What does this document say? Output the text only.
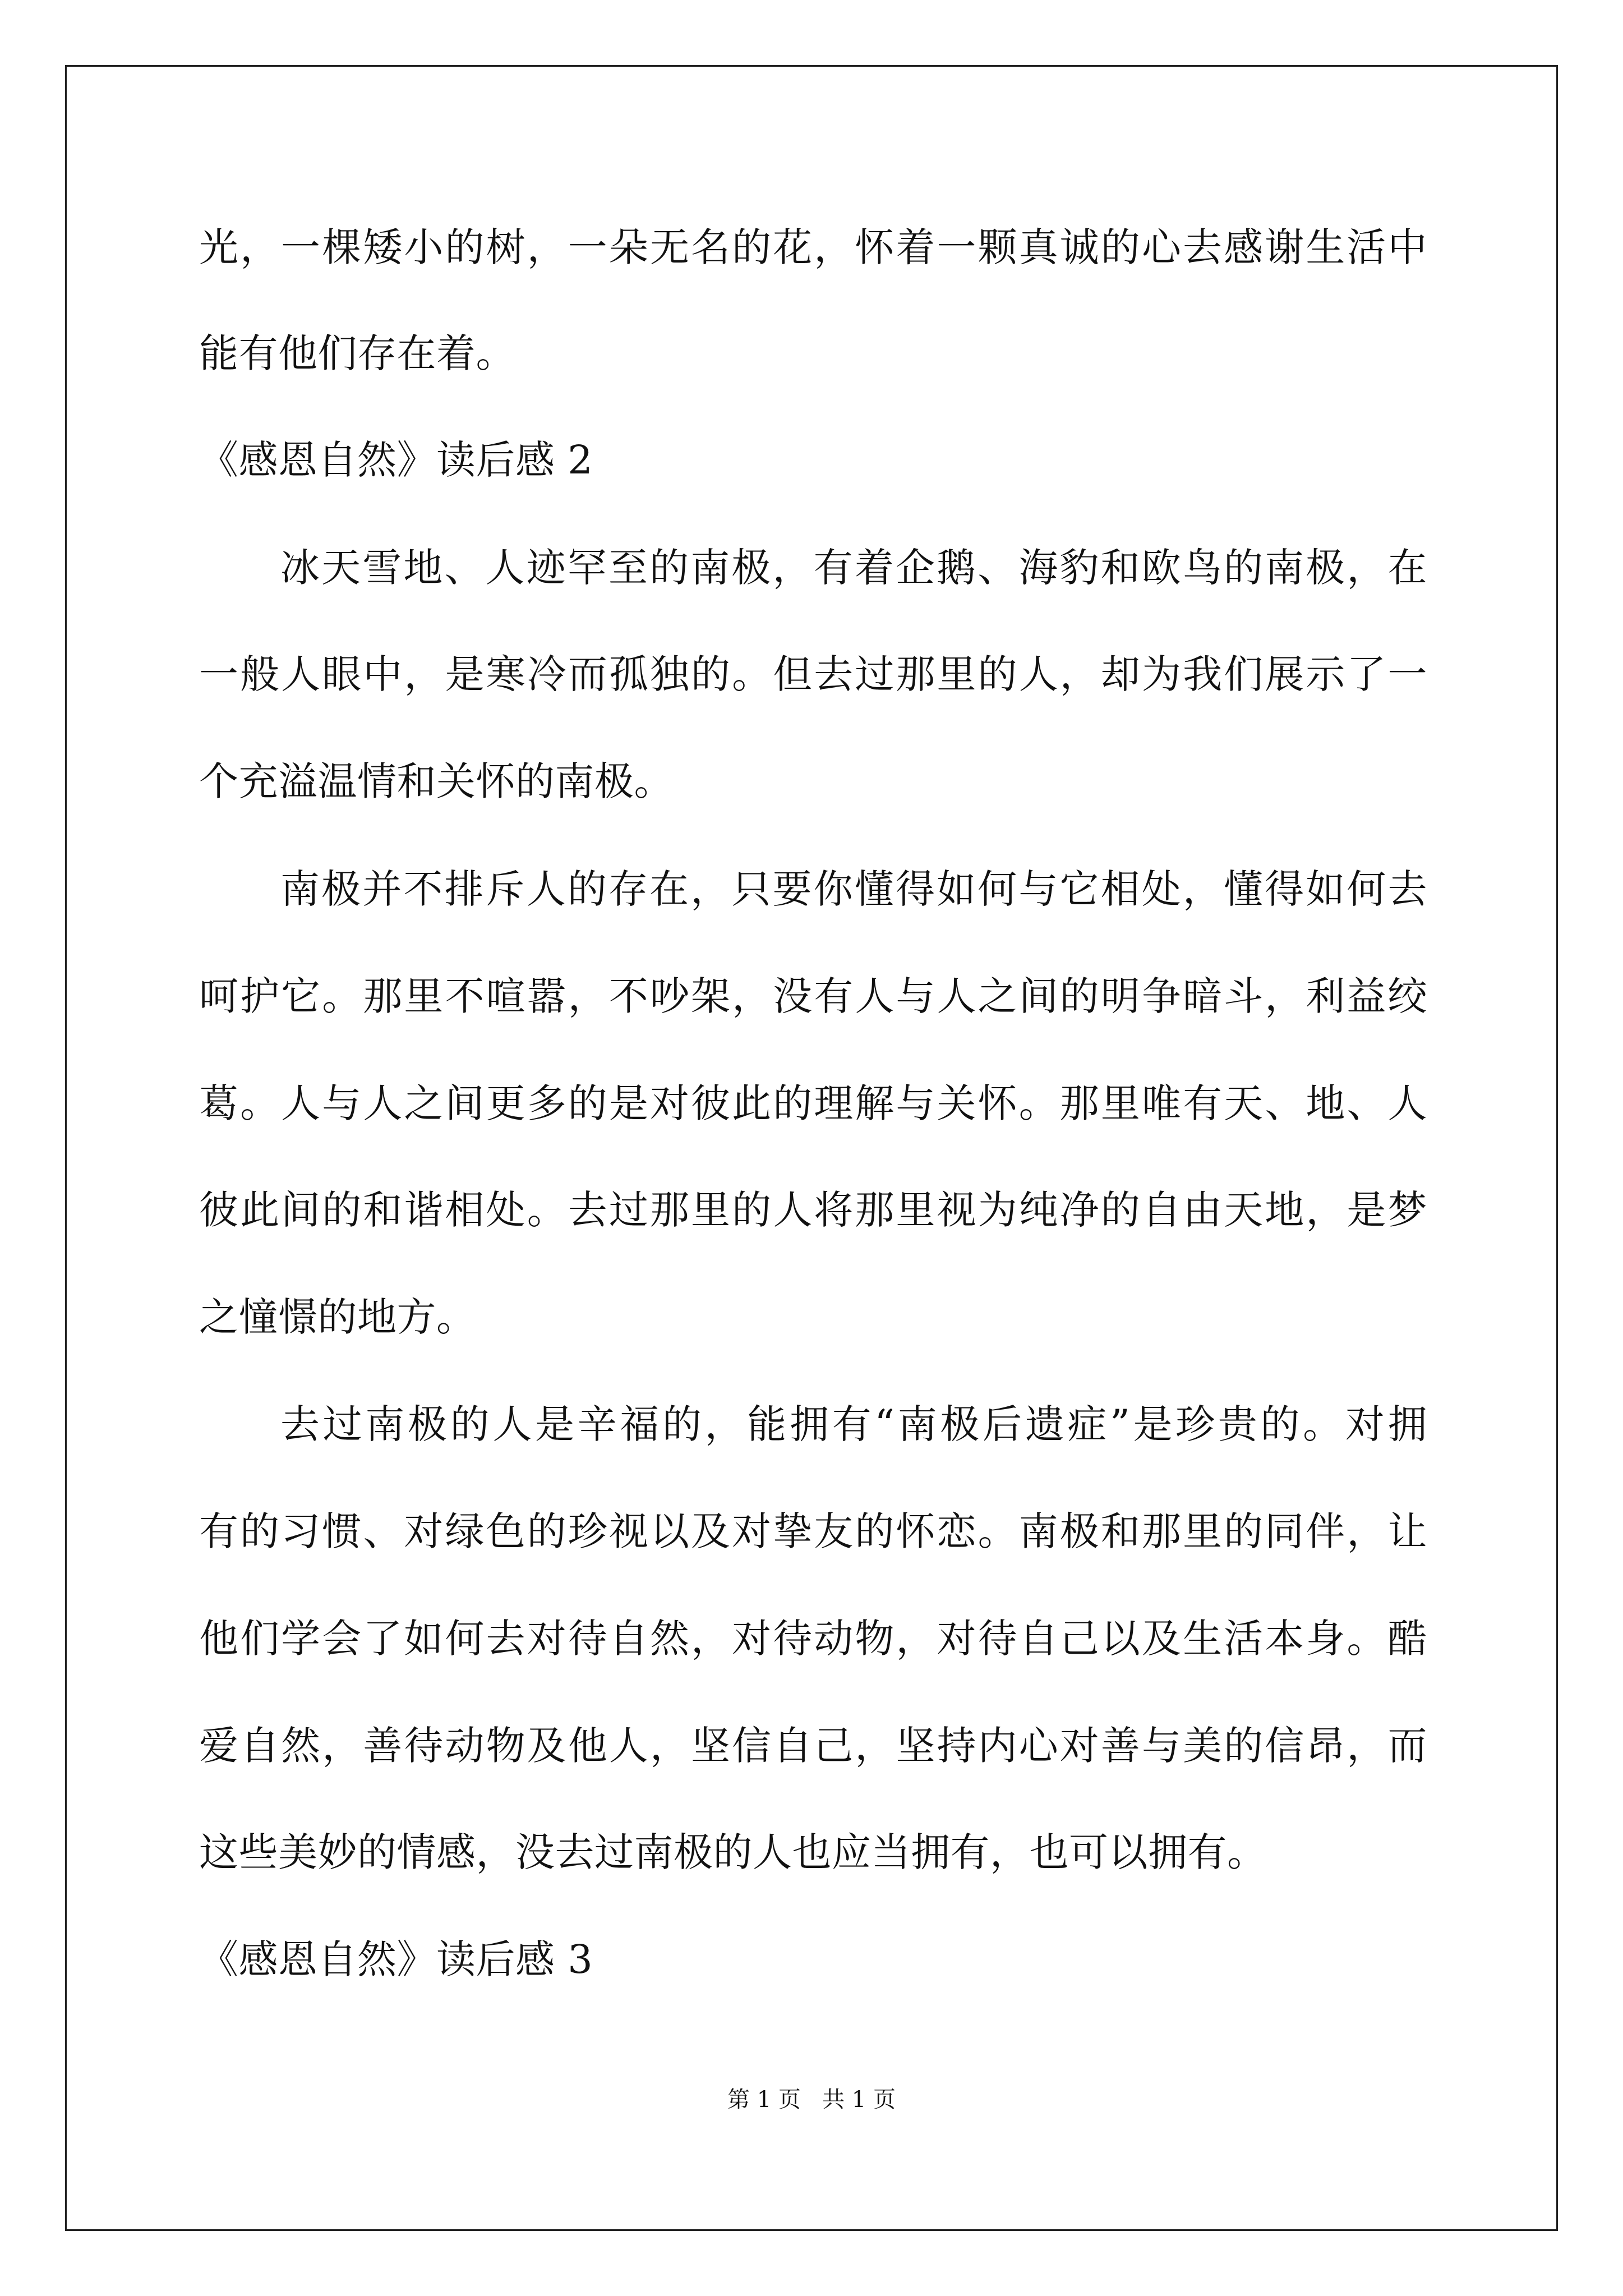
光，一棵矮小的树，一朵无名的花，怀着一颗真诚的心去感谢生活中
能有他们存在着。
《感恩自然》读后感 2
冰天雪地、人迹罕至的南极，有着企鹅、海豹和欧鸟的南极，在
一般人眼中，是寒冷而孤独的。但去过那里的人，却为我们展示了一
个充溢温情和关怀的南极。
南极并不排斥人的存在，只要你懂得如何与它相处，懂得如何去
呵护它。那里不喧嚣，不吵架，没有人与人之间的明争暗斗，利益绞
葛。人与人之间更多的是对彼此的理解与关怀。那里唯有天、地、人
彼此间的和谐相处。去过那里的人将那里视为纯净的自由天地，是梦
之憧憬的地方。
去过南极的人是辛福的，能拥有“南极后遗症”是珍贵的。对拥
有的习惯、对绿色的珍视以及对挚友的怀恋。南极和那里的同伴，让
他们学会了如何去对待自然，对待动物，对待自己以及生活本身。酷
爱自然，善待动物及他人，坚信自己，坚持内心对善与美的信昂，而
这些美妙的情感，没去过南极的人也应当拥有，也可以拥有。
《感恩自然》读后感 3
第 1 页   共 1 页
